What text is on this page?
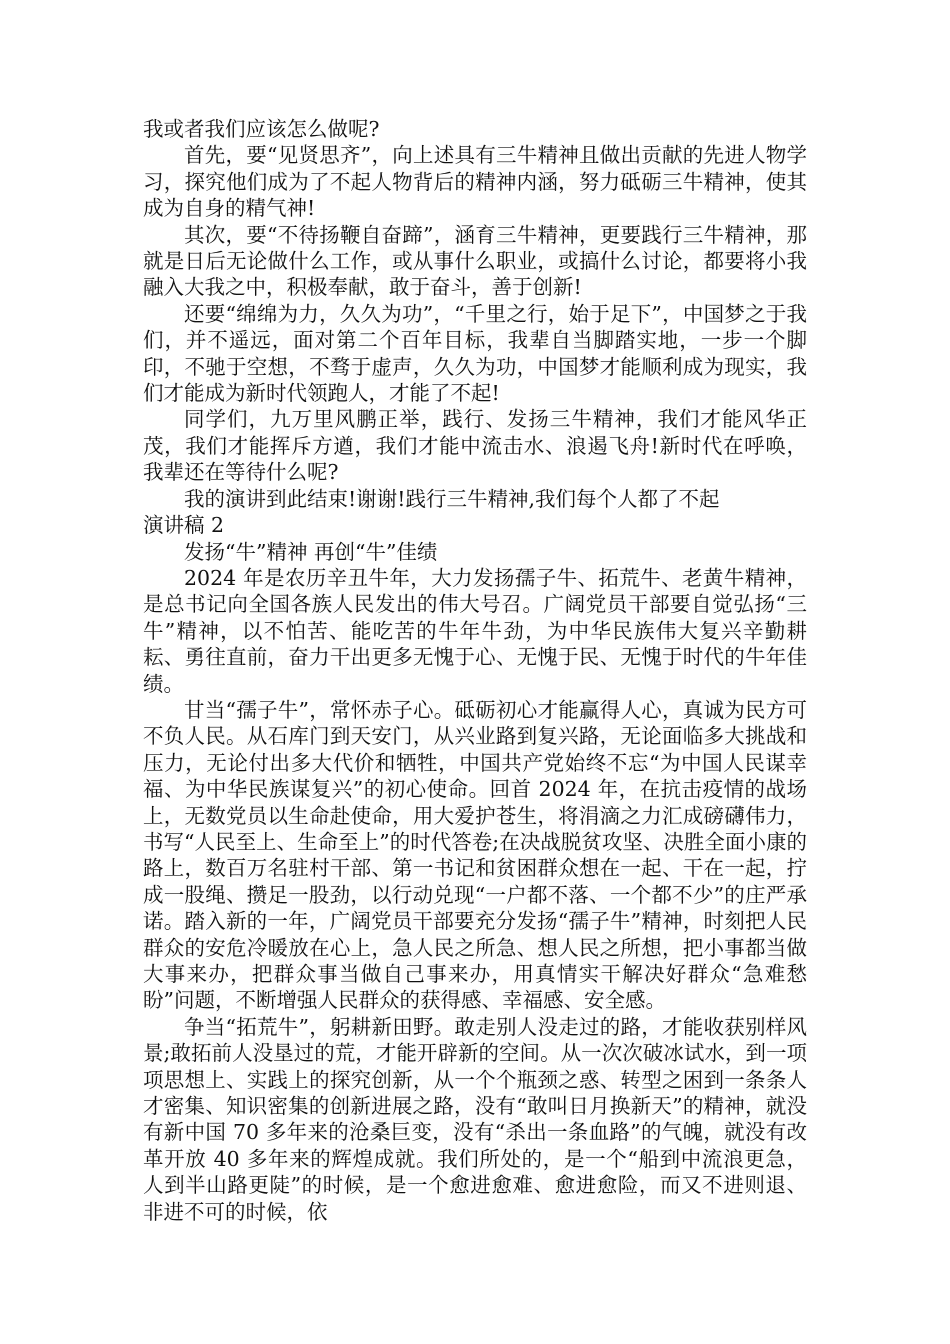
我或者我们应该怎么做呢?

首先，要“见贤思齐”，向上述具有三牛精神且做出贡献的先进人物学习，探究他们成为了不起人物背后的精神内涵，努力砥砺三牛精神，使其成为自身的精气神!

其次，要“不待扬鞭自奋蹄”，涵育三牛精神，更要践行三牛精神，那就是日后无论做什么工作，或从事什么职业，或搞什么讨论，都要将小我融入大我之中，积极奉献，敢于奋斗，善于创新!

还要“绵绵为力，久久为功”，“千里之行，始于足下”，中国梦之于我们，并不遥远，面对第二个百年目标，我辈自当脚踏实地，一步一个脚印，不驰于空想，不骛于虚声，久久为功，中国梦才能顺利成为现实，我们才能成为新时代领跑人，才能了不起!

同学们，九万里风鹏正举，践行、发扬三牛精神，我们才能风华正茂，我们才能挥斥方遒，我们才能中流击水、浪遏飞舟!新时代在呼唤，我辈还在等待什么呢?

我的演讲到此结束!谢谢!践行三牛精神,我们每个人都了不起

演讲稿 2

发扬“牛”精神 再创“牛”佳绩

2024 年是农历辛丑牛年，大力发扬孺子牛、拓荒牛、老黄牛精神，是总书记向全国各族人民发出的伟大号召。广阔党员干部要自觉弘扬“三牛”精神，以不怕苦、能吃苦的牛年牛劲，为中华民族伟大复兴辛勤耕耘、勇往直前，奋力干出更多无愧于心、无愧于民、无愧于时代的牛年佳绩。

甘当“孺子牛”，常怀赤子心。砥砺初心才能赢得人心，真诚为民方可不负人民。从石库门到天安门，从兴业路到复兴路，无论面临多大挑战和压力，无论付出多大代价和牺牲，中国共产党始终不忘“为中国人民谋幸福、为中华民族谋复兴”的初心使命。回首 2024 年，在抗击疫情的战场上，无数党员以生命赴使命，用大爱护苍生，将涓滴之力汇成磅礴伟力，书写“人民至上、生命至上”的时代答卷;在决战脱贫攻坚、决胜全面小康的路上，数百万名驻村干部、第一书记和贫困群众想在一起、干在一起，拧成一股绳、攒足一股劲，以行动兑现“一户都不落、一个都不少”的庄严承诺。踏入新的一年，广阔党员干部要充分发扬“孺子牛”精神，时刻把人民群众的安危冷暖放在心上，急人民之所急、想人民之所想，把小事都当做大事来办，把群众事当做自己事来办，用真情实干解决好群众“急难愁盼”问题，不断增强人民群众的获得感、幸福感、安全感。

争当“拓荒牛”，躬耕新田野。敢走别人没走过的路，才能收获别样风景;敢拓前人没垦过的荒，才能开辟新的空间。从一次次破冰试水，到一项项思想上、实践上的探究创新，从一个个瓶颈之惑、转型之困到一条条人才密集、知识密集的创新进展之路，没有“敢叫日月换新天”的精神，就没有新中国 70 多年来的沧桑巨变，没有“杀出一条血路”的气魄，就没有改革开放 40 多年来的辉煌成就。我们所处的，是一个“船到中流浪更急，人到半山路更陡”的时候，是一个愈进愈难、愈进愈险，而又不进则退、非进不可的时候，依
